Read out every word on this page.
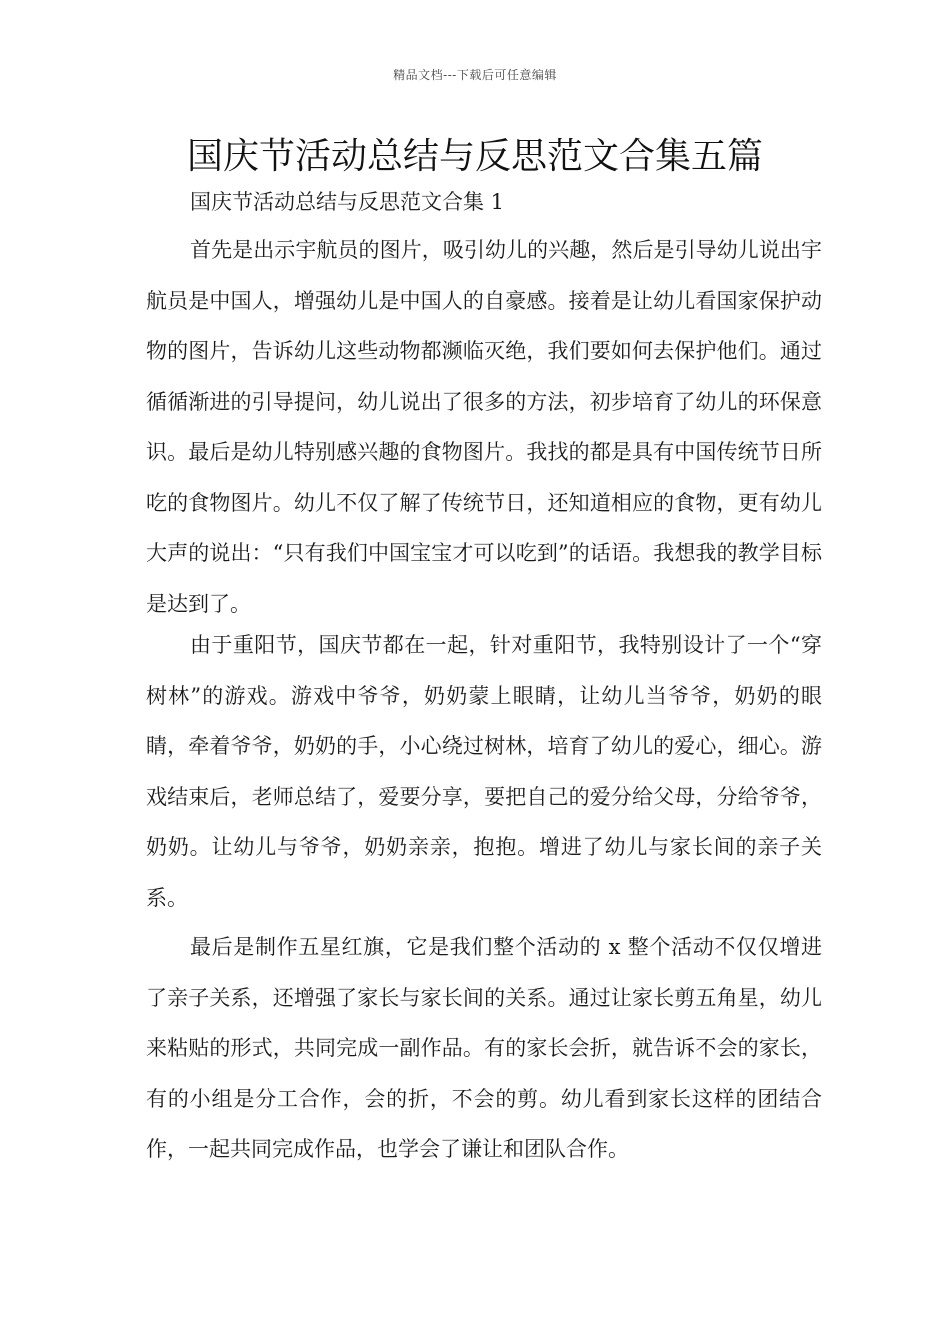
精品文档---下载后可任意编辑
国庆节活动总结与反思范文合集五篇

国庆节活动总结与反思范文合集 1

首先是出示宇航员的图片，吸引幼儿的兴趣，然后是引导幼儿说出宇航员是中国人，增强幼儿是中国人的自豪感。接着是让幼儿看国家保护动物的图片，告诉幼儿这些动物都濒临灭绝，我们要如何去保护他们。通过循循渐进的引导提问，幼儿说出了很多的方法，初步培育了幼儿的环保意识。最后是幼儿特别感兴趣的食物图片。我找的都是具有中国传统节日所吃的食物图片。幼儿不仅了解了传统节日，还知道相应的食物，更有幼儿大声的说出：“只有我们中国宝宝才可以吃到”的话语。我想我的教学目标是达到了。

由于重阳节，国庆节都在一起，针对重阳节，我特别设计了一个“穿树林”的游戏。游戏中爷爷，奶奶蒙上眼睛，让幼儿当爷爷，奶奶的眼睛，牵着爷爷，奶奶的手，小心绕过树林，培育了幼儿的爱心，细心。游戏结束后，老师总结了，爱要分享，要把自己的爱分给父母，分给爷爷，奶奶。让幼儿与爷爷，奶奶亲亲，抱抱。增进了幼儿与家长间的亲子关系。

最后是制作五星红旗，它是我们整个活动的 x 整个活动不仅仅增进了亲子关系，还增强了家长与家长间的关系。通过让家长剪五角星，幼儿来粘贴的形式，共同完成一副作品。有的家长会折，就告诉不会的家长，有的小组是分工合作，会的折，不会的剪。幼儿看到家长这样的团结合作，一起共同完成作品，也学会了谦让和团队合作。
